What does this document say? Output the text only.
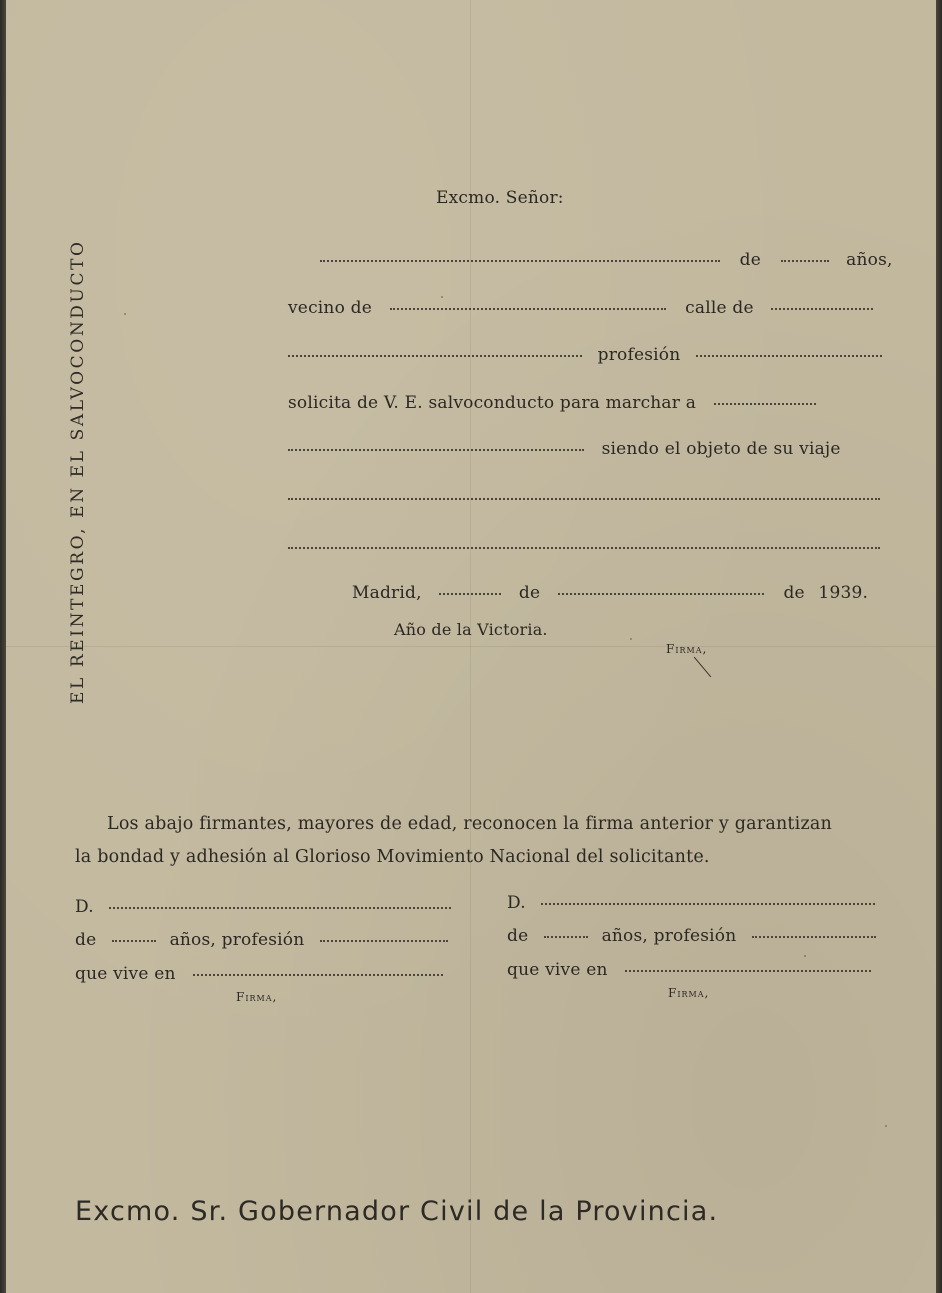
EL REINTEGRO, EN EL SALVOCONDUCTO
Excmo. Señor:
de	años,
vecino de	calle de
profesión
solicita de V. E. salvoconducto para marchar a
siendo el objeto de su viaje
Madrid,	de	de 1939.
Año de la Victoria.
Firma,
Los abajo firmantes, mayores de edad, reconocen la firma anterior y garantizan
la bondad y adhesión al Glorioso Movimiento Nacional del solicitante.
D.
de	años, profesión
que vive en
Firma,
D.
de	años, profesión
que vive en
Firma,
Excmo. Sr. Gobernador Civil de la Provincia.
